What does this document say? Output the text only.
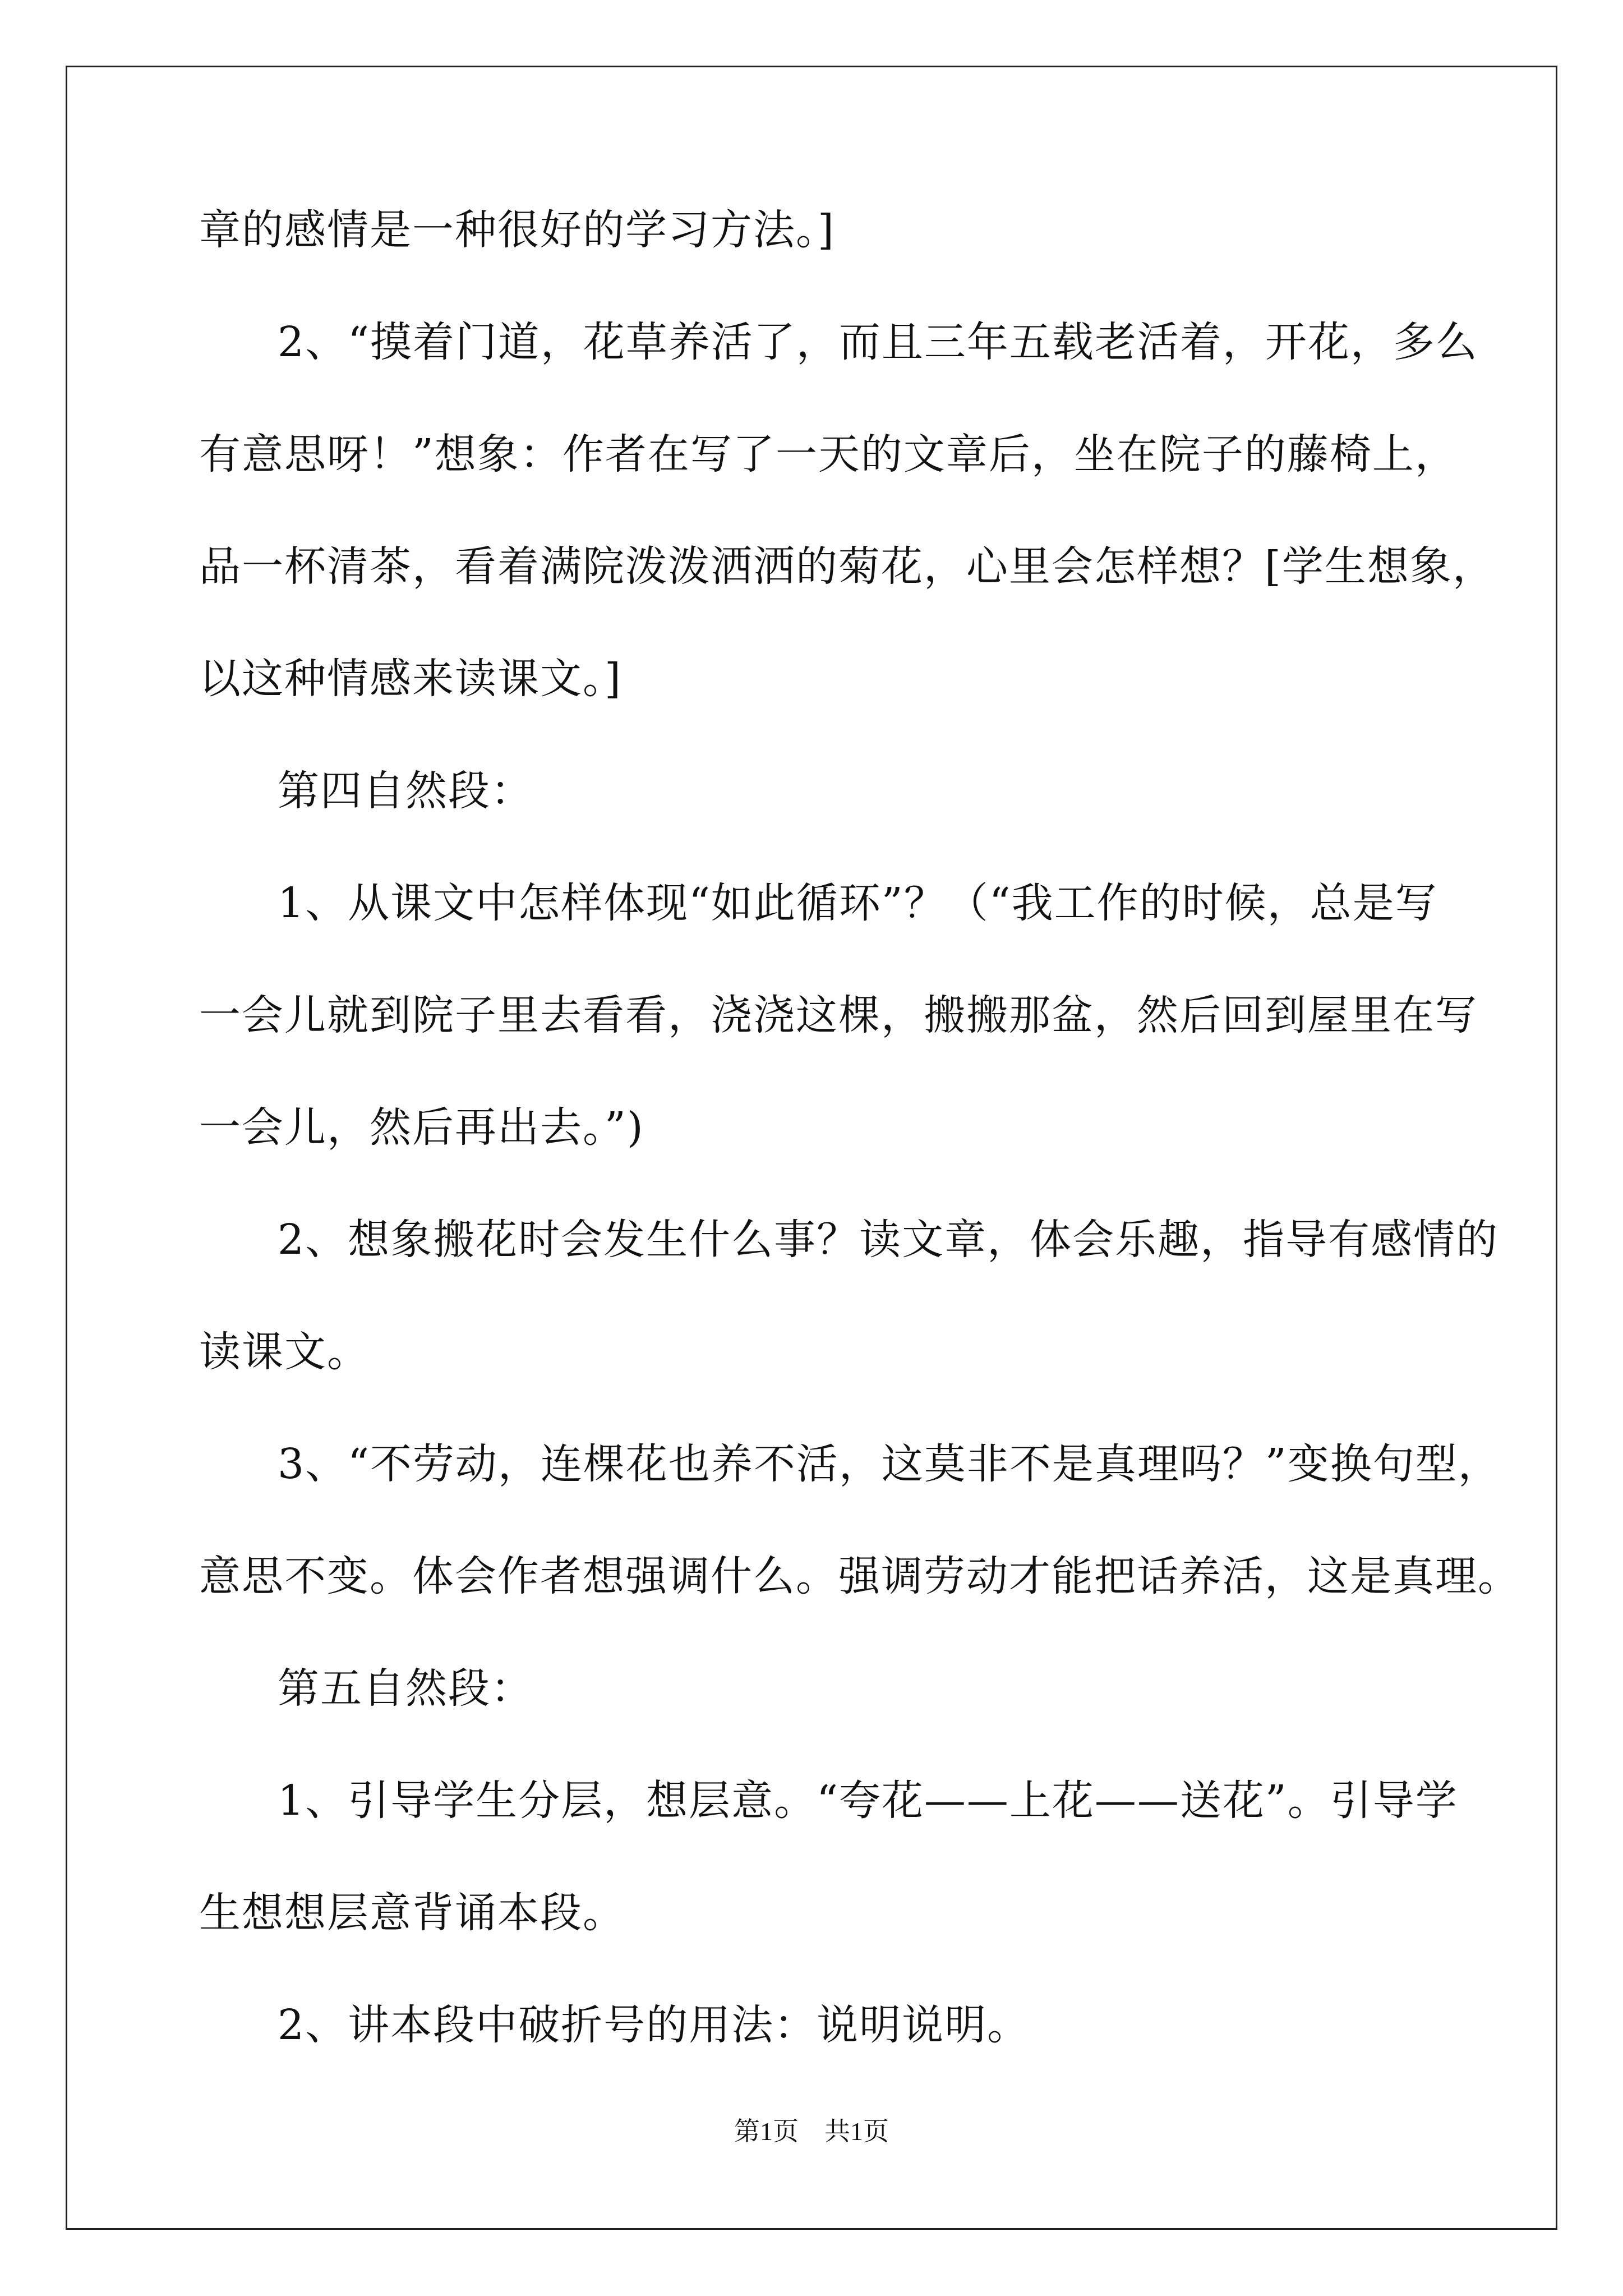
章的感情是一种很好的学习方法。]
2、“摸着门道，花草养活了，而且三年五载老活着，开花，多么
有意思呀！”想象：作者在写了一天的文章后，坐在院子的藤椅上，
品一杯清茶，看着满院泼泼洒洒的菊花，心里会怎样想？[学生想象，
以这种情感来读课文。]
第四自然段：
1、从课文中怎样体现“如此循环”？（“我工作的时候，总是写
一会儿就到院子里去看看，浇浇这棵，搬搬那盆，然后回到屋里在写
一会儿，然后再出去。”)
2、想象搬花时会发生什么事？读文章，体会乐趣，指导有感情的
读课文。
3、“不劳动，连棵花也养不活，这莫非不是真理吗？”变换句型，
意思不变。体会作者想强调什么。强调劳动才能把话养活，这是真理。
第五自然段：
1、引导学生分层，想层意。“夸花——上花——送花”。引导学
生想想层意背诵本段。
2、讲本段中破折号的用法：说明说明。
第1页 共1页
